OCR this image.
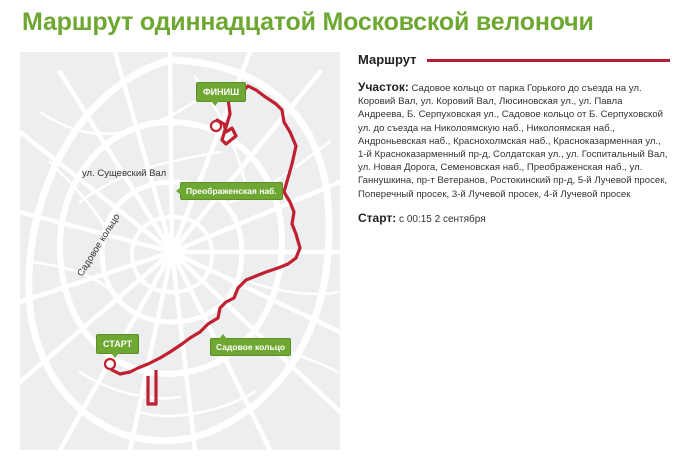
Маршрут одиннадцатой Московской велоночи
ул. Сущевский Вал
Садовое кольцо
ФИНИШ
СТАРТ
Преображенская наб.
Садовое кольцо
Маршрут
Участок: Садовое кольцо от парка Горького до съезда на ул. Коровий Вал, ул. Коровий Вал, Люсиновская ул., ул. Павла Андреева, Б. Серпуховская ул., Садовое кольцо от Б. Серпуховской ул. до съезда на Николоямскую наб., Николоямская наб., Андроньевская наб., Краснохолмская наб., Краснoказарменная ул., 1-й Краснoказарменный пр-д, Солдатская ул., ул. Госпитальный Вал, ул. Новая Дорога, Семеновская наб., Преображенская наб., ул. Ганнушкина, пр-т Ветеранов, Ростокинский пр-д, 5-й Лучевой просек, Поперечный просек, 3-й Лучевой просек, 4-й Лучевой просек
Старт: с 00:15 2 сентября
